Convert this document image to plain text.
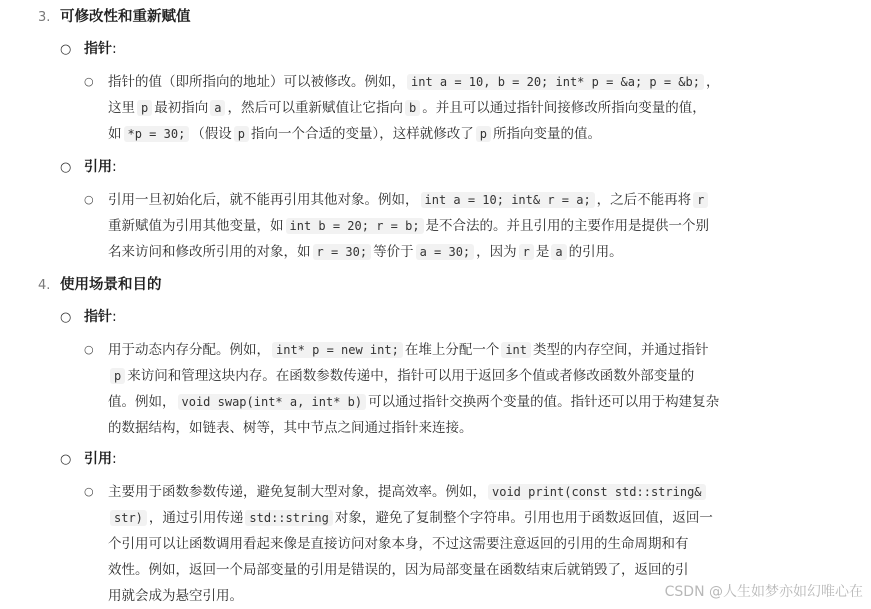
3. 可修改性和重新赋值
○ 指针:
○	指针的值（即所指向的地址）可以被修改。例如， int a = 10, b = 20; int* p = &a; p = &b; ，
这里 p 最初指向 a ，然后可以重新赋值让它指向 b 。并且可以通过指针间接修改所指向变量的值，
如 *p = 30; （假设 p 指向一个合适的变量），这样就修改了 p 所指向变量的值。
○ 引用:
○	引用一旦初始化后，就不能再引用其他对象。例如， int a = 10; int& r = a; ，之后不能再将 r
重新赋值为引用其他变量，如 int b = 20; r = b; 是不合法的。并且引用的主要作用是提供一个别
名来访问和修改所引用的对象，如 r = 30; 等价于 a = 30; ，因为 r 是 a 的引用。
4. 使用场景和目的
○ 指针:
○	用于动态内存分配。例如， int* p = new int; 在堆上分配一个 int 类型的内存空间，并通过指针
p 来访问和管理这块内存。在函数参数传递中，指针可以用于返回多个值或者修改函数外部变量的
值。例如， void swap(int* a, int* b) 可以通过指针交换两个变量的值。指针还可以用于构建复杂
的数据结构，如链表、树等，其中节点之间通过指针来连接。
○ 引用:
○	主要用于函数参数传递，避免复制大型对象，提高效率。例如， void print(const std::string&
str) ，通过引用传递 std::string 对象，避免了复制整个字符串。引用也用于函数返回值，返回一
个引用可以让函数调用看起来像是直接访问对象本身，不过这需要注意返回的引用的生命周期和有
效性。例如，返回一个局部变量的引用是错误的，因为局部变量在函数结束后就销毁了，返回的引
用就会成为悬空引用。	CSDN @人生如梦亦如幻唯心在
